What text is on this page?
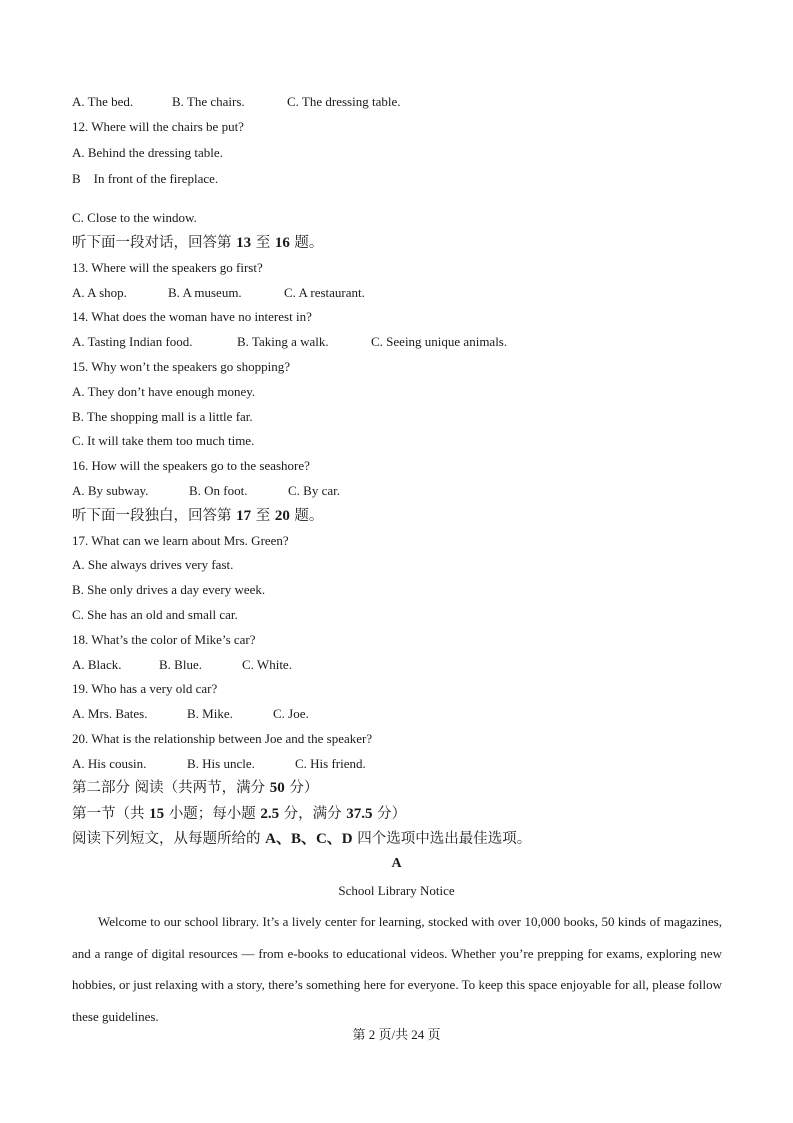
A. The bed.	B. The chairs.	C. The dressing table.
12. Where will the chairs be put?
A. Behind the dressing table.
B    In front of the fireplace.
C. Close to the window.
听下面一段对话，回答第 13 至 16 题。
13. Where will the speakers go first?
A. A shop.	B. A museum.	C. A restaurant.
14. What does the woman have no interest in?
A. Tasting Indian food.	B. Taking a walk.	C. Seeing unique animals.
15. Why won’t the speakers go shopping?
A. They don’t have enough money.
B. The shopping mall is a little far.
C. It will take them too much time.
16. How will the speakers go to the seashore?
A. By subway.	B. On foot.	C. By car.
听下面一段独白，回答第 17 至 20 题。
17. What can we learn about Mrs. Green?
A. She always drives very fast.
B. She only drives a day every week.
C. She has an old and small car.
18. What’s the color of Mike’s car?
A. Black.	B. Blue.	C. White.
19. Who has a very old car?
A. Mrs. Bates.	B. Mike.	C. Joe.
20. What is the relationship between Joe and the speaker?
A. His cousin.	B. His uncle.	C. His friend.
第二部分 阅读（共两节，满分 50 分）
第一节（共 15 小题；每小题 2.5 分，满分 37.5 分）
阅读下列短文，从每题所给的 A、B、C、D 四个选项中选出最佳选项。
A
School Library Notice
Welcome to our school library. It’s a lively center for learning, stocked with over 10,000 books, 50 kinds of magazines, and a range of digital resources — from e-books to educational videos. Whether you’re prepping for exams, exploring new hobbies, or just relaxing with a story, there’s something here for everyone. To keep this space enjoyable for all, please follow these guidelines.
第 2 页/共 24 页
